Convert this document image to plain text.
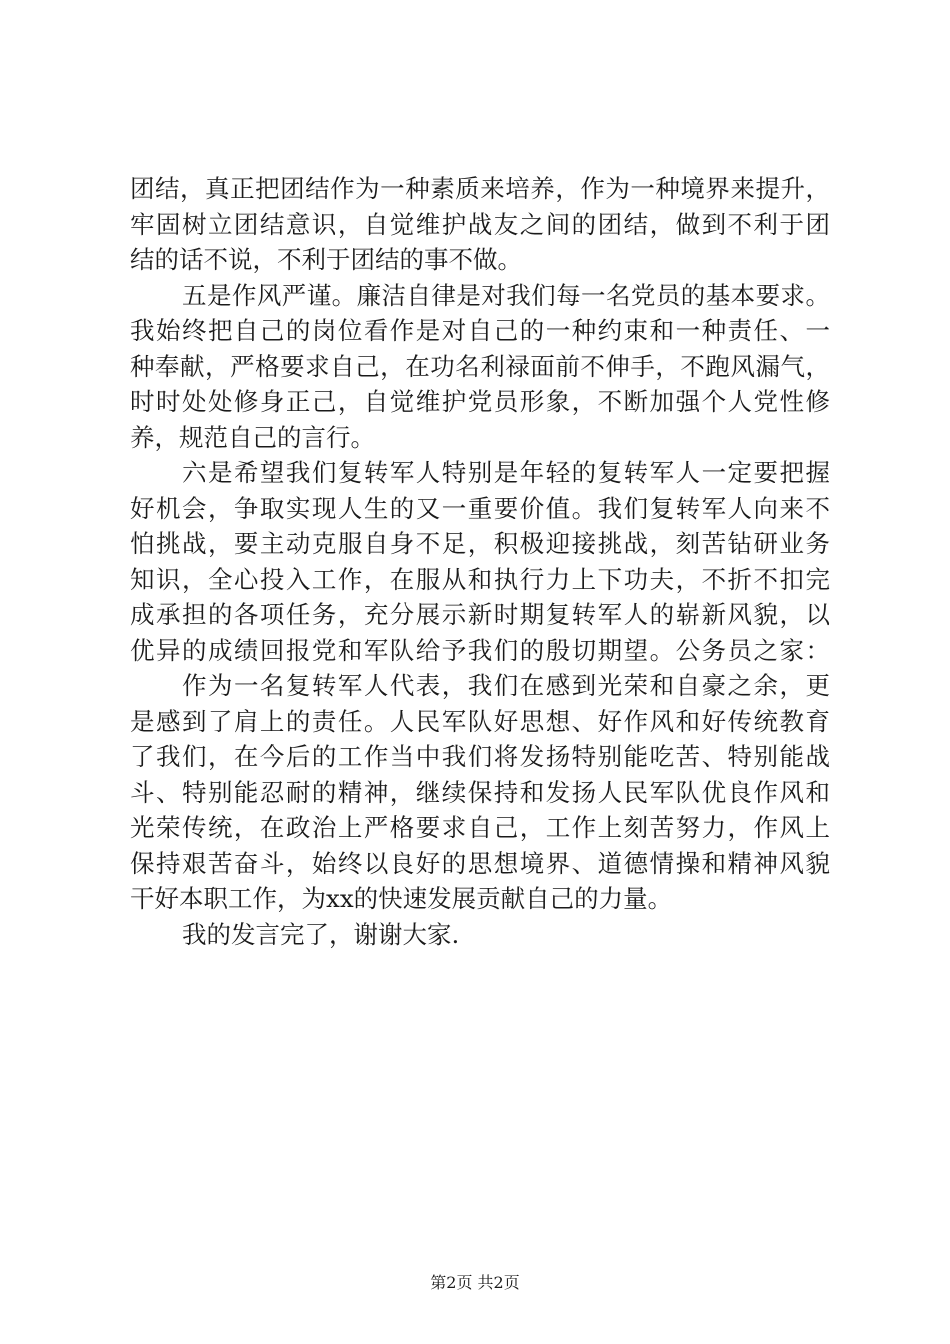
团结，真正把团结作为一种素质来培养，作为一种境界来提升，
牢固树立团结意识，自觉维护战友之间的团结，做到不利于团
结的话不说，不利于团结的事不做。
五是作风严谨。廉洁自律是对我们每一名党员的基本要求。
我始终把自己的岗位看作是对自己的一种约束和一种责任、一
种奉献，严格要求自己，在功名利禄面前不伸手，不跑风漏气，
时时处处修身正己，自觉维护党员形象，不断加强个人党性修
养，规范自己的言行。
六是希望我们复转军人特别是年轻的复转军人一定要把握
好机会，争取实现人生的又一重要价值。我们复转军人向来不
怕挑战，要主动克服自身不足，积极迎接挑战，刻苦钻研业务
知识，全心投入工作，在服从和执行力上下功夫，不折不扣完
成承担的各项任务，充分展示新时期复转军人的崭新风貌，以
优异的成绩回报党和军队给予我们的殷切期望。公务员之家：
作为一名复转军人代表，我们在感到光荣和自豪之余，更
是感到了肩上的责任。人民军队好思想、好作风和好传统教育
了我们，在今后的工作当中我们将发扬特别能吃苦、特别能战
斗、特别能忍耐的精神，继续保持和发扬人民军队优良作风和
光荣传统，在政治上严格要求自己，工作上刻苦努力，作风上
保持艰苦奋斗，始终以良好的思想境界、道德情操和精神风貌
干好本职工作，为xx的快速发展贡献自己的力量。
我的发言完了，谢谢大家.
第2页 共2页
